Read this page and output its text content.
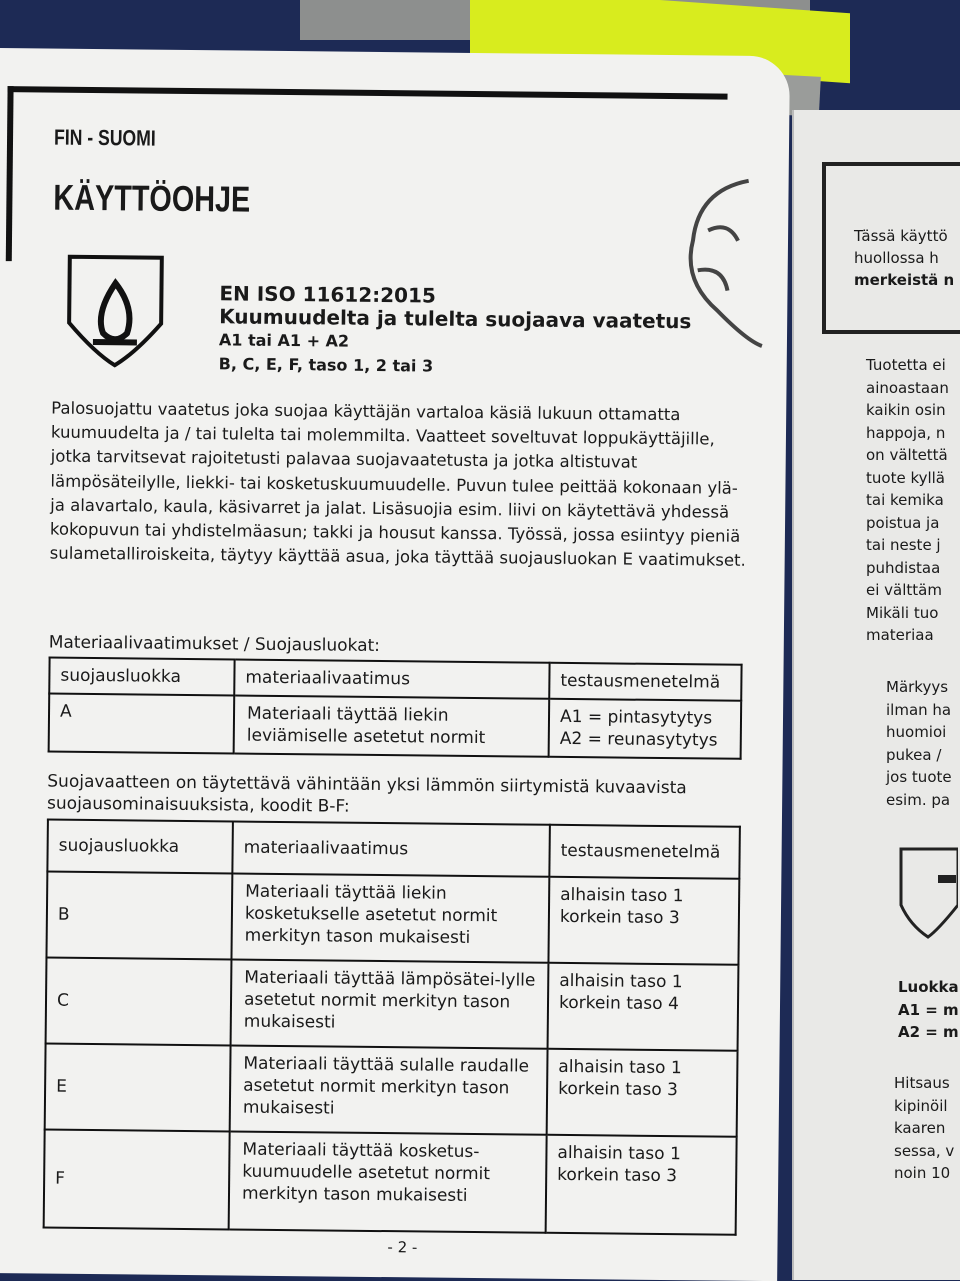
Tässä käyttö
huollossa h
merkeistä n
Tuotetta ei
ainoastaan
kaikin osin
happoja, n
on vältettä
tuote kyllä
tai kemika
poistua ja
tai neste j
puhdistaa
ei välttäm
Mikäli tuo
materiaa
Märkyys
ilman ha
huomioi
pukea /
jos tuote
esim. pa
Luokka
A1 = m
A2 = m
Hitsaus
kipinöil
kaaren
sessa, v
noin 10
FIN - SUOMI
KÄYTTÖOHJE
EN ISO 11612:2015
Kuumuudelta ja tulelta suojaava vaatetus
A1 tai A1 + A2
B, C, E, F, taso 1, 2 tai 3
Palosuojattu vaatetus joka suojaa käyttäjän vartaloa käsiä lukuun ottamatta kuumuudelta ja / tai tulelta tai molemmilta. Vaatteet soveltuvat loppukäyttäjille, jotka tarvitsevat rajoitetusti palavaa suojavaatetusta ja jotka altistuvat lämpösäteilylle, liekki- tai kosketuskuumuudelle. Puvun tulee peittää kokonaan ylä- ja alavartalo, kaula, käsivarret ja jalat. Lisäsuojia esim. liivi on käytettävä yhdessä kokopuvun tai yhdistelmäasun; takki ja housut kanssa. Työssä, jossa esiintyy pieniä sulametalliroiskeita, täytyy käyttää asua, joka täyttää suojausluokan E vaatimukset.
Materiaalivaatimukset / Suojausluokat:
suojausluokka	materiaalivaatimus	testausmenetelmä
A	Materiaali täyttää liekin leviämiselle asetetut normit	A1 = pintasytytys
A2 = reunasytytys
Suojavaatteen on täytettävä vähintään yksi lämmön siirtymistä kuvaavista suojausominaisuuksista, koodit B-F:
suojausluokka	materiaalivaatimus	testausmenetelmä
B	Materiaali täyttää liekin kosketukselle asetetut normit merkityn tason mukaisesti	alhaisin taso 1
korkein taso 3

C	Materiaali täyttää lämpösätei-lylle asetetut normit merkityn tason mukaisesti	alhaisin taso 1
korkein taso 4

E	Materiaali täyttää sulalle raudalle asetetut normit merkityn tason mukaisesti	alhaisin taso 1
korkein taso 3

F	Materiaali täyttää kosketus-kuumuudelle asetetut normit merkityn tason mukaisesti	alhaisin taso 1
korkein taso 3
- 2 -
